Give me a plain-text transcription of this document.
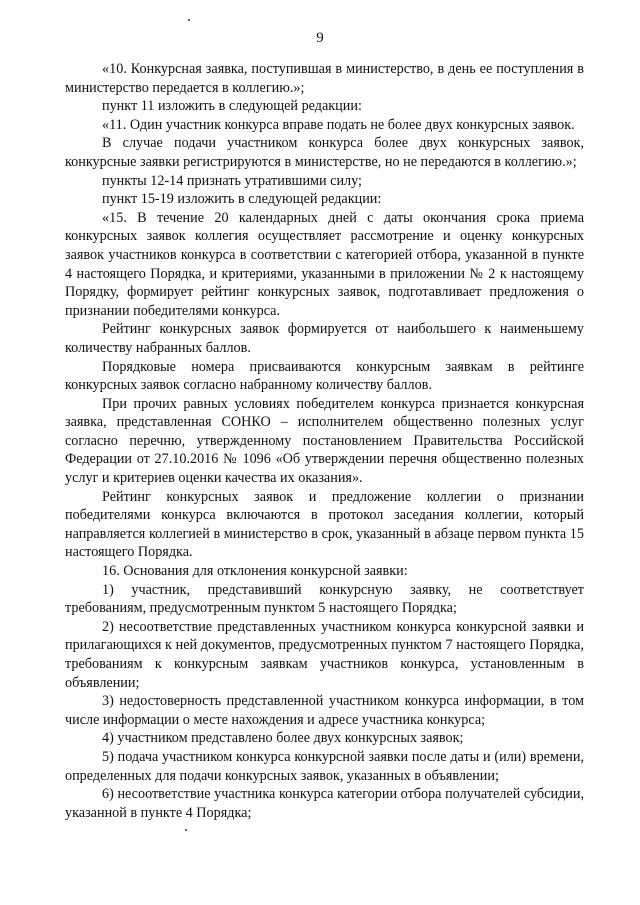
9

«10. Конкурсная заявка, поступившая в министерство, в день ее поступления в министерство передается в коллегию.»;

пункт 11 изложить в следующей редакции:

«11. Один участник конкурса вправе подать не более двух конкурсных заявок.

В случае подачи участником конкурса более двух конкурсных заявок, конкурсные заявки регистрируются в министерстве, но не передаются в коллегию.»;

пункты 12-14 признать утратившими силу;

пункт 15-19 изложить в следующей редакции:

«15. В течение 20 календарных дней с даты окончания срока приема конкурсных заявок коллегия осуществляет рассмотрение и оценку конкурсных заявок участников конкурса в соответствии с категорией отбора, указанной в пункте 4 настоящего Порядка, и критериями, указанными в приложении № 2 к настоящему Порядку, формирует рейтинг конкурсных заявок, подготавливает предложения о признании победителями конкурса.

Рейтинг конкурсных заявок формируется от наибольшего к наименьшему количеству набранных баллов.

Порядковые номера присваиваются конкурсным заявкам в рейтинге конкурсных заявок согласно набранному количеству баллов.

При прочих равных условиях победителем конкурса признается конкурсная заявка, представленная СОНКО – исполнителем общественно полезных услуг согласно перечню, утвержденному постановлением Правительства Российской Федерации от 27.10.2016 № 1096 «Об утверждении перечня общественно полезных услуг и критериев оценки качества их оказания».

Рейтинг конкурсных заявок и предложение коллегии о признании победителями конкурса включаются в протокол заседания коллегии, который направляется коллегией в министерство в срок, указанный в абзаце первом пункта 15 настоящего Порядка.

16. Основания для отклонения конкурсной заявки:

1) участник, представивший конкурсную заявку, не соответствует требованиям, предусмотренным пунктом 5 настоящего Порядка;

2) несоответствие представленных участником конкурса конкурсной заявки и прилагающихся к ней документов, предусмотренных пунктом 7 настоящего Порядка, требованиям к конкурсным заявкам участников конкурса, установленным в объявлении;

3) недостоверность представленной участником конкурса информации, в том числе информации о месте нахождения и адресе участника конкурса;

4) участником представлено более двух конкурсных заявок;

5) подача участником конкурса конкурсной заявки после даты и (или) времени, определенных для подачи конкурсных заявок, указанных в объявлении;

6) несоответствие участника конкурса категории отбора получателей субсидии, указанной в пункте 4 Порядка;
